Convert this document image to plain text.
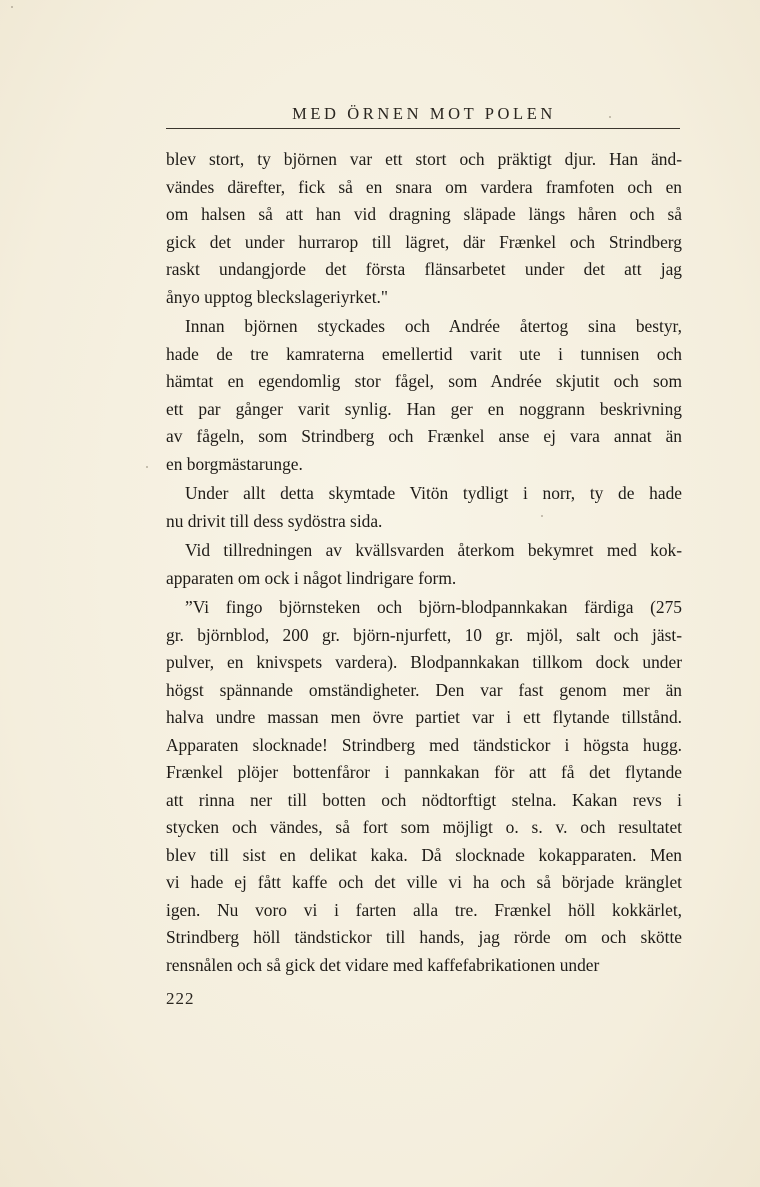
MED ÖRNEN MOT POLEN
blev stort, ty björnen var ett stort och präktigt djur. Han änd-
vändes därefter, fick så en snara om vardera framfoten och en
om halsen så att han vid dragning släpade längs håren och så
gick det under hurrarop till lägret, där Frænkel och Strindberg
raskt undangjorde det första flänsarbetet under det att jag
ånyo upptog bleckslageriyrket."
Innan björnen styckades och Andrée återtog sina bestyr,
hade de tre kamraterna emellertid varit ute i tunnisen och
hämtat en egendomlig stor fågel, som Andrée skjutit och som
ett par gånger varit synlig. Han ger en noggrann beskrivning
av fågeln, som Strindberg och Frænkel anse ej vara annat än
en borgmästarunge.
Under allt detta skymtade Vitön tydligt i norr, ty de hade
nu drivit till dess sydöstra sida.
Vid tillredningen av kvällsvarden återkom bekymret med kok-
apparaten om ock i något lindrigare form.
”Vi fingo björnsteken och björn-blodpannkakan färdiga (275
gr. björnblod, 200 gr. björn-njurfett, 10 gr. mjöl, salt och jäst-
pulver, en knivspets vardera). Blodpannkakan tillkom dock under
högst spännande omständigheter. Den var fast genom mer än
halva undre massan men övre partiet var i ett flytande tillstånd.
Apparaten slocknade! Strindberg med tändstickor i högsta hugg.
Frænkel plöjer bottenfåror i pannkakan för att få det flytande
att rinna ner till botten och nödtorftigt stelna. Kakan revs i
stycken och vändes, så fort som möjligt o. s. v. och resultatet
blev till sist en delikat kaka. Då slocknade kokapparaten. Men
vi hade ej fått kaffe och det ville vi ha och så började kränglet
igen. Nu voro vi i farten alla tre. Frænkel höll kokkärlet,
Strindberg höll tändstickor till hands, jag rörde om och skötte
rensnålen och så gick det vidare med kaffefabrikationen under
222
